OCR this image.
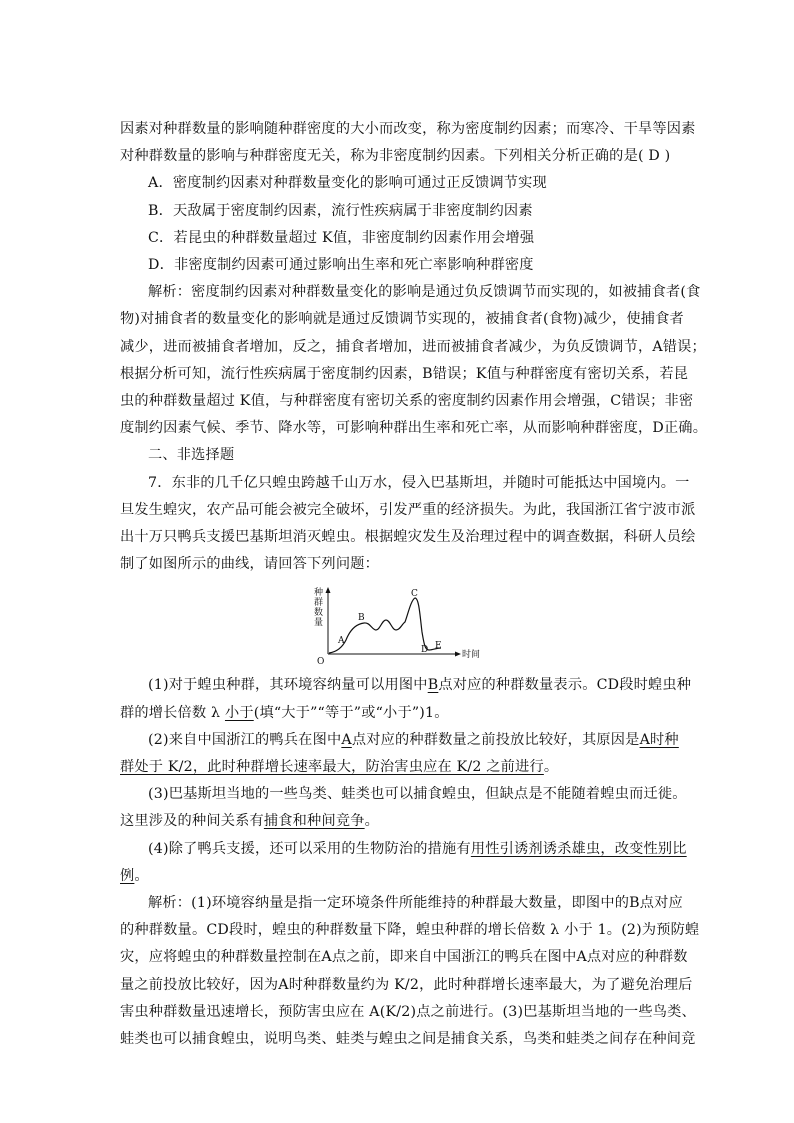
因素对种群数量的影响随种群密度的大小而改变，称为密度制约因素；而寒冷、干旱等因素

对种群数量的影响与种群密度无关，称为非密度制约因素。下列相关分析正确的是( D )

A．密度制约因素对种群数量变化的影响可通过正反馈调节实现

B．天敌属于密度制约因素，流行性疾病属于非密度制约因素

C．若昆虫的种群数量超过 K值，非密度制约因素作用会增强

D．非密度制约因素可通过影响出生率和死亡率影响种群密度

解析：密度制约因素对种群数量变化的影响是通过负反馈调节而实现的，如被捕食者(食

物)对捕食者的数量变化的影响就是通过反馈调节实现的，被捕食者(食物)减少，使捕食者

减少，进而被捕食者增加，反之，捕食者增加，进而被捕食者减少，为负反馈调节，A错误；

根据分析可知，流行性疾病属于密度制约因素，B错误；K值与种群密度有密切关系，若昆

虫的种群数量超过 K值，与种群密度有密切关系的密度制约因素作用会增强，C错误；非密

度制约因素气候、季节、降水等，可影响种群出生率和死亡率，从而影响种群密度，D正确。

二、非选择题

7．东非的几千亿只蝗虫跨越千山万水，侵入巴基斯坦，并随时可能抵达中国境内。一

旦发生蝗灾，农产品可能会被完全破坏，引发严重的经济损失。为此，我国浙江省宁波市派

出十万只鸭兵支援巴基斯坦消灭蝗虫。根据蝗灾发生及治理过程中的调查数据，科研人员绘

制了如图所示的曲线，请回答下列问题：

种
群
数
量
O
时间
A
B
C
D E

(1)对于蝗虫种群，其环境容纳量可以用图中B点对应的种群数量表示。CD段时蝗虫种

群的增长倍数 λ 小于(填“大于”“等于”或“小于”)1。

(2)来自中国浙江的鸭兵在图中A点对应的种群数量之前投放比较好，其原因是A时种

群处于 K/2，此时种群增长速率最大，防治害虫应在 K/2 之前进行。

(3)巴基斯坦当地的一些鸟类、蛙类也可以捕食蝗虫，但缺点是不能随着蝗虫而迁徙。

这里涉及的种间关系有捕食和种间竞争。

(4)除了鸭兵支援，还可以采用的生物防治的措施有用性引诱剂诱杀雄虫，改变性别比

例。

解析：(1)环境容纳量是指一定环境条件所能维持的种群最大数量，即图中的B点对应

的种群数量。CD段时，蝗虫的种群数量下降，蝗虫种群的增长倍数 λ 小于 1。(2)为预防蝗

灾，应将蝗虫的种群数量控制在A点之前，即来自中国浙江的鸭兵在图中A点对应的种群数

量之前投放比较好，因为A时种群数量约为 K/2，此时种群增长速率最大，为了避免治理后

害虫种群数量迅速增长，预防害虫应在 A(K/2)点之前进行。(3)巴基斯坦当地的一些鸟类、

蛙类也可以捕食蝗虫，说明鸟类、蛙类与蝗虫之间是捕食关系，鸟类和蛙类之间存在种间竞
